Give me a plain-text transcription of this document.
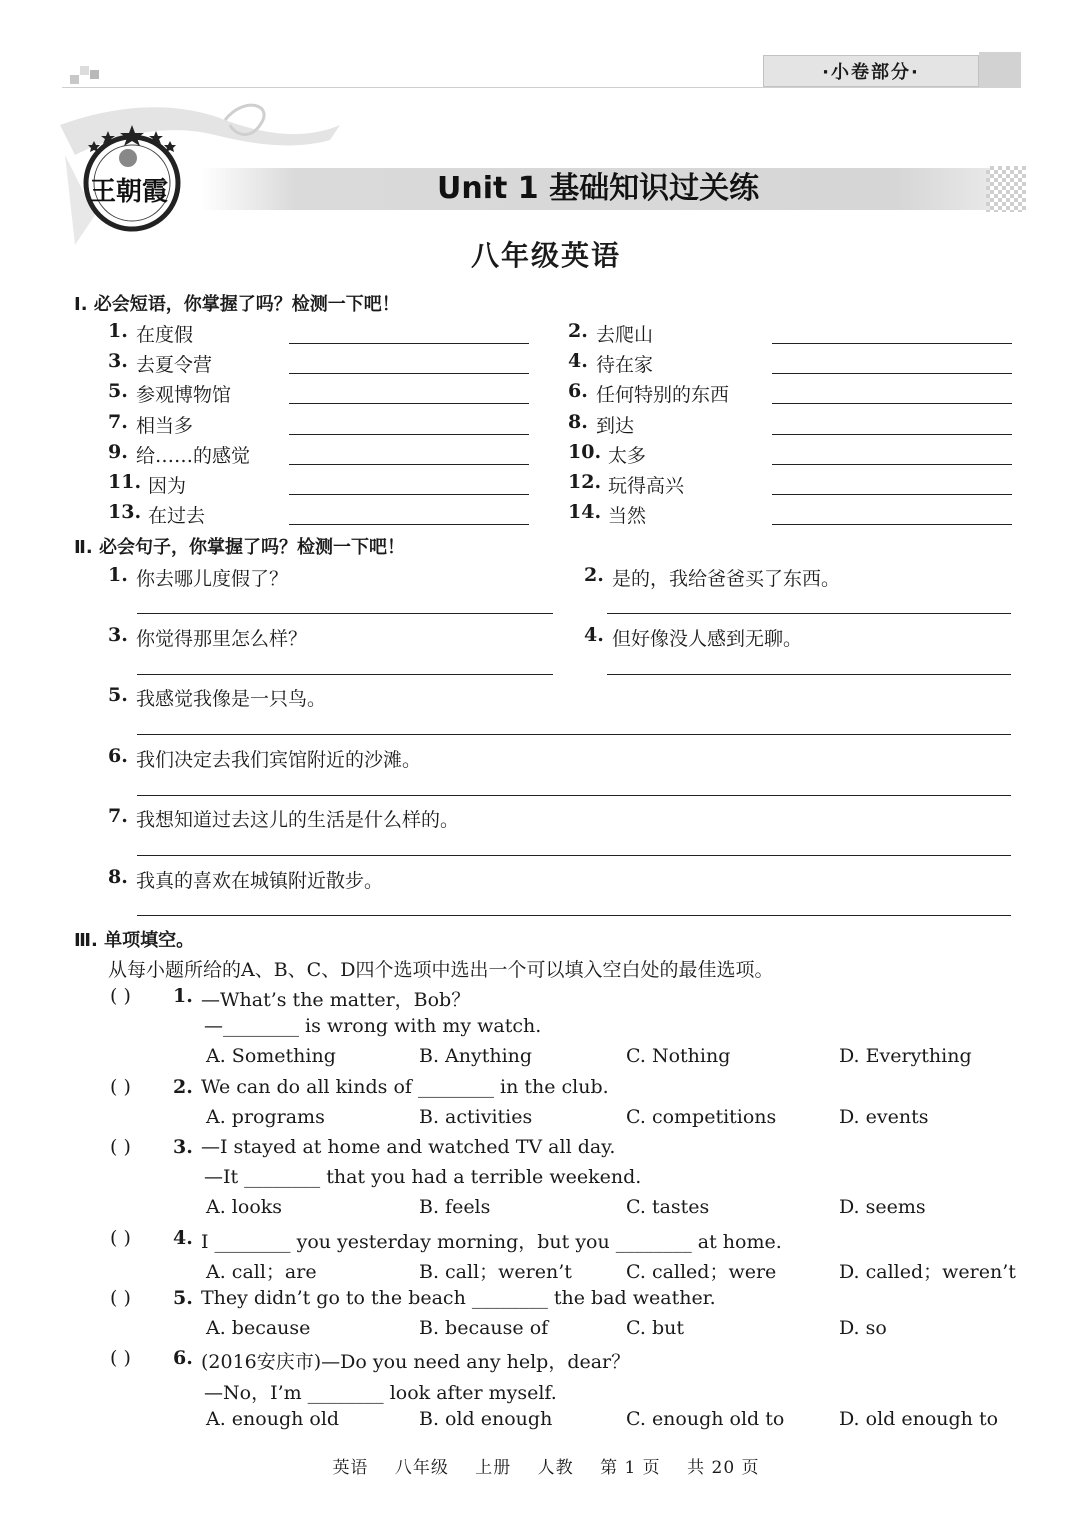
·小卷部分·
王朝霞	Unit 1 基础知识过关练
八年级英语
Ⅰ. 必会短语，你掌握了吗？检测一下吧！
Ⅱ. 必会句子，你掌握了吗？检测一下吧！
Ⅲ. 单项填空。
从每小题所给的A、B、C、D四个选项中选出一个可以填入空白处的最佳选项。
英语 八年级 上册 人教 第 1 页 共 20 页
1. 在度假	2. 去爬山
3. 去夏令营	4. 待在家
5. 参观博物馆	6. 任何特别的东西
7. 相当多	8. 到达
9. 给……的感觉	10. 太多
11. 因为	12. 玩得高兴
13. 在过去	14. 当然
1. 你去哪儿度假了？	2. 是的，我给爸爸买了东西。
3. 你觉得那里怎么样？	4. 但好像没人感到无聊。
5. 我感觉我像是一只鸟。
6. 我们决定去我们宾馆附近的沙滩。
7. 我想知道过去这儿的生活是什么样的。
8. 我真的喜欢在城镇附近散步。
( ) 1. —What’s the matter，Bob？
—________ is wrong with my watch.
A. Something	B. Anything	C. Nothing	D. Everything
( ) 2. We can do all kinds of ________ in the club.
A. programs	B. activities	C. competitions	D. events
( ) 3. —I stayed at home and watched TV all day.
—It ________ that you had a terrible weekend.
A. looks	B. feels	C. tastes	D. seems
( ) 4. I ________ you yesterday morning，but you ________ at home.
A. call；are	B. call；weren’t	C. called；were	D. called；weren’t
( ) 5. They didn’t go to the beach ________ the bad weather.
A. because	B. because of	C. but	D. so
( ) 6. (2016安庆市)—Do you need any help，dear？
—No，I’m ________ look after myself.
A. enough old	B. old enough	C. enough old to	D. old enough to
